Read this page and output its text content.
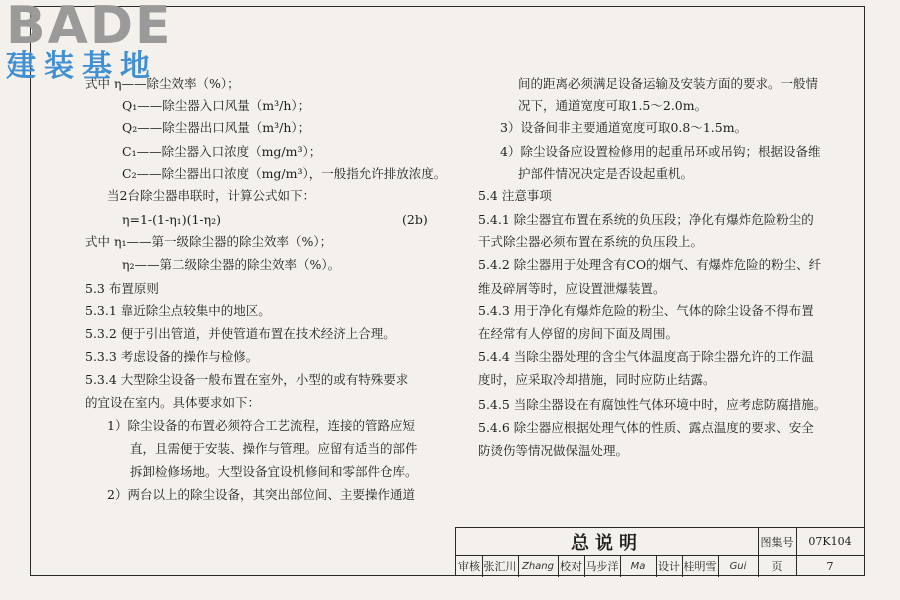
BADE
建装基地
式中 η——除尘效率（%）；
Q₁——除尘器入口风量（m³/h）；
Q₂——除尘器出口风量（m³/h）；
C₁——除尘器入口浓度（mg/m³）；
C₂——除尘器出口浓度（mg/m³），一般指允许排放浓度。
当2台除尘器串联时，计算公式如下：
η=1-(1-η₁)(1-η₂)	(2b)
式中 η₁——第一级除尘器的除尘效率（%）；
η₂——第二级除尘器的除尘效率（%）。
5.3 布置原则
5.3.1 靠近除尘点较集中的地区。
5.3.2 便于引出管道，并使管道布置在技术经济上合理。
5.3.3 考虑设备的操作与检修。
5.3.4 大型除尘设备一般布置在室外，小型的或有特殊要求
的宜设在室内。具体要求如下：
1）除尘设备的布置必须符合工艺流程，连接的管路应短
直，且需便于安装、操作与管理。应留有适当的部件
拆卸检修场地。大型设备宜设机修间和零部件仓库。
2）两台以上的除尘设备，其突出部位间、主要操作通道
间的距离必须满足设备运输及安装方面的要求。一般情
况下，通道宽度可取1.5～2.0m。
3）设备间非主要通道宽度可取0.8～1.5m。
4）除尘设备应设置检修用的起重吊环或吊钩；根据设备维
护部件情况决定是否设起重机。
5.4 注意事项
5.4.1 除尘器宜布置在系统的负压段；净化有爆炸危险粉尘的
干式除尘器必须布置在系统的负压段上。
5.4.2 除尘器用于处理含有CO的烟气、有爆炸危险的粉尘、纤
维及碎屑等时，应设置泄爆装置。
5.4.3 用于净化有爆炸危险的粉尘、气体的除尘设备不得布置
在经常有人停留的房间下面及周围。
5.4.4 当除尘器处理的含尘气体温度高于除尘器允许的工作温
度时，应采取冷却措施，同时应防止结露。
5.4.5 当除尘器设在有腐蚀性气体环境中时，应考虑防腐措施。
5.4.6 除尘器应根据处理气体的性质、露点温度的要求、安全
防烫伤等情况做保温处理。
总说明	图集号	07K104
审核 张汇川 Zhang 校对 马步洋	Ma	设计 桂明雪	Gui	页	7
